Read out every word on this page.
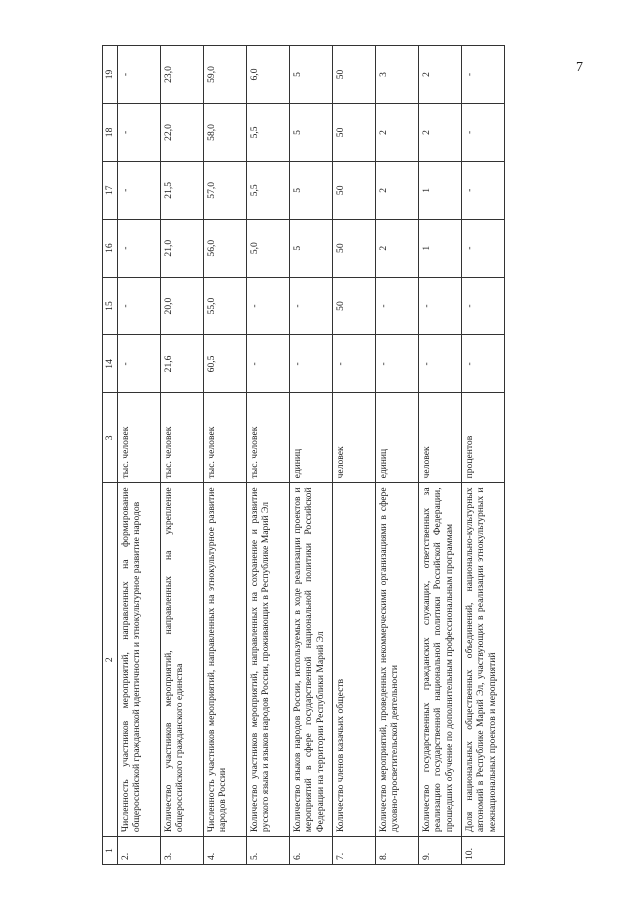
7
1	2	3	14	15	16	17	18	19
2.	Численность участников мероприятий, направленных на формирование общероссийской гражданской идентичности и этнокультурное развитие народов	тыс. человек	-	-	-	-	-	-
3.	Количество участников мероприятий, направленных на укрепление общероссийского гражданского единства	тыс. человек	21,6	20,0	21,0	21,5	22,0	23,0
4.	Численность участников мероприятий, направленных на этнокультурное развитие народов России	тыс. человек	60,5	55,0	56,0	57,0	58,0	59,0
5.	Количество участников мероприятий, направленных на сохранение и развитие русского языка и языков народов России, проживающих в Республике Марий Эл	тыс. человек	-	-	5,0	5,5	5,5	6,0
6.	Количество языков народов России, используемых в ходе реализации проектов и мероприятий в сфере государственной национальной политики Российской Федерации на территории Республики Марий Эл	единиц	-	-	5	5	5	5
7.	Количество членов казачьих обществ	человек	-	50	50	50	50	50
8.	Количество мероприятий, проведенных некоммерческими организациями в сфере духовно-просветительской деятельности	единиц	-	-	2	2	2	3
9.	Количество государственных гражданских служащих, ответственных за реализацию государственной национальной политики Российской Федерации, прошедших обучение по дополнительным профессиональным программам	человек	-	-	1	1	2	2
10.	Доля национальных общественных объединений, национально-культурных автономий в Республике Марий Эл, участвующих в реализации этнокультурных и межнациональных проектов и мероприятий	процентов	-	-	-	-	-	-
